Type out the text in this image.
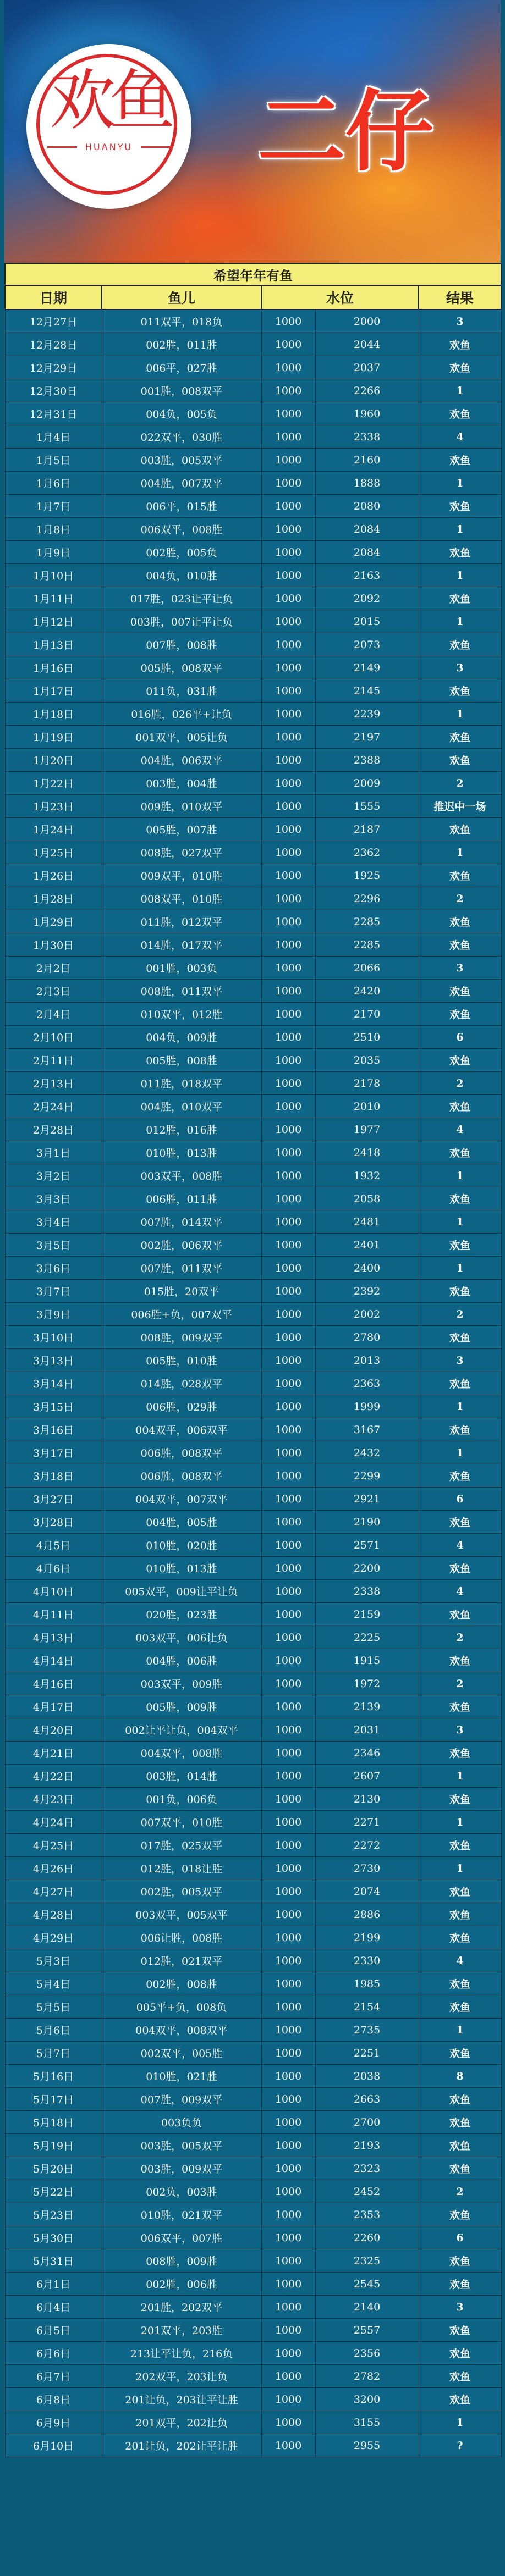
欢鱼
HUANYU	二仔
希望年年有鱼				
日期	鱼儿	水位		结果
12月27日	011双平，018负	1000	2000	3
12月28日	002胜，011胜	1000	2044	欢鱼
12月29日	006平，027胜	1000	2037	欢鱼
12月30日	001胜，008双平	1000	2266	1
12月31日	004负，005负	1000	1960	欢鱼
1月4日	022双平，030胜	1000	2338	4
1月5日	003胜，005双平	1000	2160	欢鱼
1月6日	004胜，007双平	1000	1888	1
1月7日	006平，015胜	1000	2080	欢鱼
1月8日	006双平，008胜	1000	2084	1
1月9日	002胜，005负	1000	2084	欢鱼
1月10日	004负，010胜	1000	2163	1
1月11日	017胜，023让平让负	1000	2092	欢鱼
1月12日	003胜，007让平让负	1000	2015	1
1月13日	007胜，008胜	1000	2073	欢鱼
1月16日	005胜，008双平	1000	2149	3
1月17日	011负，031胜	1000	2145	欢鱼
1月18日	016胜，026平+让负	1000	2239	1
1月19日	001双平，005让负	1000	2197	欢鱼
1月20日	004胜，006双平	1000	2388	欢鱼
1月22日	003胜，004胜	1000	2009	2
1月23日	009胜，010双平	1000	1555	推迟中一场
1月24日	005胜，007胜	1000	2187	欢鱼
1月25日	008胜，027双平	1000	2362	1
1月26日	009双平，010胜	1000	1925	欢鱼
1月28日	008双平，010胜	1000	2296	2
1月29日	011胜，012双平	1000	2285	欢鱼
1月30日	014胜，017双平	1000	2285	欢鱼
2月2日	001胜，003负	1000	2066	3
2月3日	008胜，011双平	1000	2420	欢鱼
2月4日	010双平，012胜	1000	2170	欢鱼
2月10日	004负，009胜	1000	2510	6
2月11日	005胜，008胜	1000	2035	欢鱼
2月13日	011胜，018双平	1000	2178	2
2月24日	004胜，010双平	1000	2010	欢鱼
2月28日	012胜，016胜	1000	1977	4
3月1日	010胜，013胜	1000	2418	欢鱼
3月2日	003双平，008胜	1000	1932	1
3月3日	006胜，011胜	1000	2058	欢鱼
3月4日	007胜，014双平	1000	2481	1
3月5日	002胜，006双平	1000	2401	欢鱼
3月6日	007胜，011双平	1000	2400	1
3月7日	015胜，20双平	1000	2392	欢鱼
3月9日	006胜+负，007双平	1000	2002	2
3月10日	008胜，009双平	1000	2780	欢鱼
3月13日	005胜，010胜	1000	2013	3
3月14日	014胜，028双平	1000	2363	欢鱼
3月15日	006胜，029胜	1000	1999	1
3月16日	004双平，006双平	1000	3167	欢鱼
3月17日	006胜，008双平	1000	2432	1
3月18日	006胜，008双平	1000	2299	欢鱼
3月27日	004双平，007双平	1000	2921	6
3月28日	004胜，005胜	1000	2190	欢鱼
4月5日	010胜，020胜	1000	2571	4
4月6日	010胜，013胜	1000	2200	欢鱼
4月10日	005双平，009让平让负	1000	2338	4
4月11日	020胜，023胜	1000	2159	欢鱼
4月13日	003双平，006让负	1000	2225	2
4月14日	004胜，006胜	1000	1915	欢鱼
4月16日	003双平，009胜	1000	1972	2
4月17日	005胜，009胜	1000	2139	欢鱼
4月20日	002让平让负，004双平	1000	2031	3
4月21日	004双平，008胜	1000	2346	欢鱼
4月22日	003胜，014胜	1000	2607	1
4月23日	001负，006负	1000	2130	欢鱼
4月24日	007双平，010胜	1000	2271	1
4月25日	017胜，025双平	1000	2272	欢鱼
4月26日	012胜，018让胜	1000	2730	1
4月27日	002胜，005双平	1000	2074	欢鱼
4月28日	003双平，005双平	1000	2886	欢鱼
4月29日	006让胜，008胜	1000	2199	欢鱼
5月3日	012胜，021双平	1000	2330	4
5月4日	002胜，008胜	1000	1985	欢鱼
5月5日	005平+负，008负	1000	2154	欢鱼
5月6日	004双平，008双平	1000	2735	1
5月7日	002双平，005胜	1000	2251	欢鱼
5月16日	010胜，021胜	1000	2038	8
5月17日	007胜，009双平	1000	2663	欢鱼
5月18日	003负负	1000	2700	欢鱼
5月19日	003胜，005双平	1000	2193	欢鱼
5月20日	003胜，009双平	1000	2323	欢鱼
5月22日	002负，003胜	1000	2452	2
5月23日	010胜，021双平	1000	2353	欢鱼
5月30日	006双平，007胜	1000	2260	6
5月31日	008胜，009胜	1000	2325	欢鱼
6月1日	002胜，006胜	1000	2545	欢鱼
6月4日	201胜，202双平	1000	2140	3
6月5日	201双平，203胜	1000	2557	欢鱼
6月6日	213让平让负，216负	1000	2356	欢鱼
6月7日	202双平，203让负	1000	2782	欢鱼
6月8日	201让负，203让平让胜	1000	3200	欢鱼
6月9日	201双平，202让负	1000	3155	1
6月10日	201让负，202让平让胜	1000	2955	?
